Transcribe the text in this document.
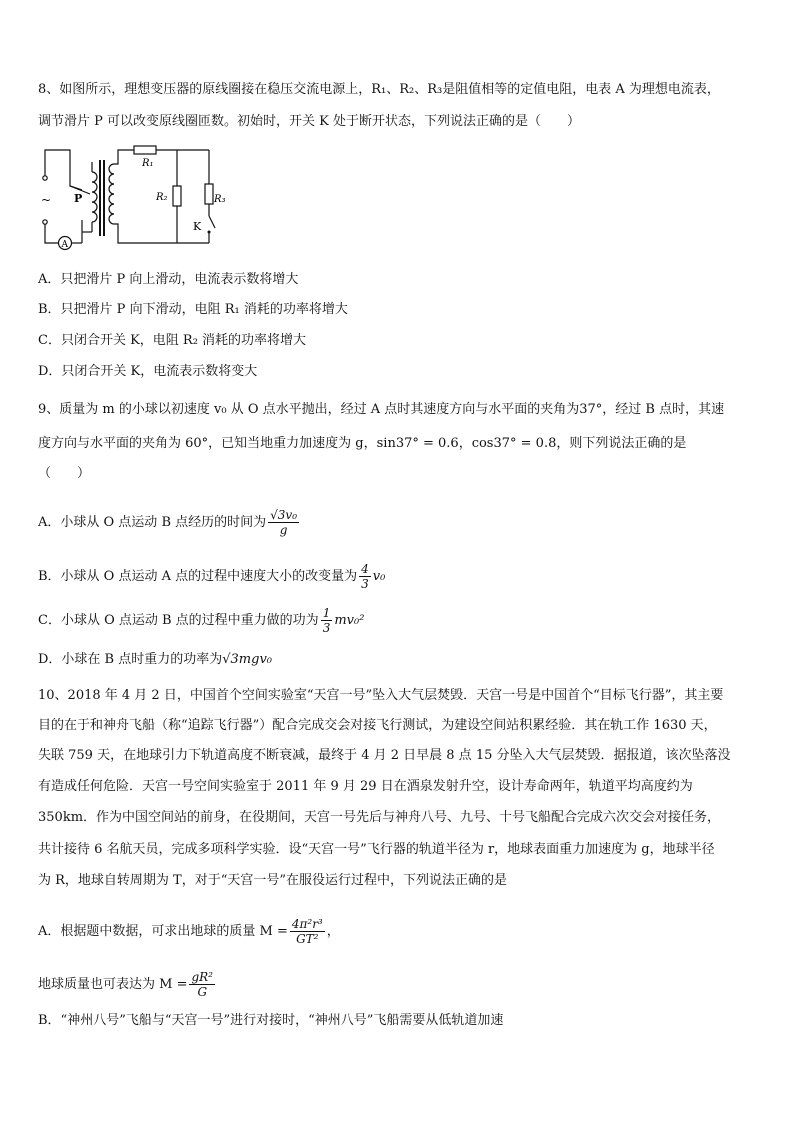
8、如图所示，理想变压器的原线圈接在稳压交流电源上，R₁、R₂、R₃是阻值相等的定值电阻，电表 A 为理想电流表，
调节滑片 P 可以改变原线圈匝数。初始时，开关 K 处于断开状态，下列说法正确的是（　　）
~ P
A
R₁
R₂	R₃
K
A．只把滑片 P 向上滑动，电流表示数将增大
B．只把滑片 P 向下滑动，电阻 R₁ 消耗的功率将增大
C．只闭合开关 K，电阻 R₂ 消耗的功率将增大
D．只闭合开关 K，电流表示数将变大
9、质量为 m 的小球以初速度 v₀ 从 O 点水平抛出，经过 A 点时其速度方向与水平面的夹角为37°，经过 B 点时，其速
度方向与水平面的夹角为 60°，已知当地重力加速度为 g，sin37° = 0.6，cos37° = 0.8，则下列说法正确的是
（　　）
A．小球从 O 点运动 B 点经历的时间为 $\frac{\text{√3v₀}}{g}$
B．小球从 O 点运动 A 点的过程中速度大小的改变量为 $\frac{4}{3} v_0$
C．小球从 O 点运动 B 点的过程中重力做的功为 $\frac{1}{3} mv_0^2$
D．小球在 B 点时重力的功率为√3mgv₀
10、2018 年 4 月 2 日，中国首个空间实验室“天宫一号”坠入大气层焚毁．天宫一号是中国首个“目标飞行器”，其主要
目的在于和神舟飞船（称“追踪飞行器”）配合完成交会对接飞行测试，为建设空间站积累经验．其在轨工作 1630 天，
失联 759 天，在地球引力下轨道高度不断衰减，最终于 4 月 2 日早晨 8 点 15 分坠入大气层焚毁．据报道，该次坠落没
有造成任何危险．天宫一号空间实验室于 2011 年 9 月 29 日在酒泉发射升空，设计寿命两年，轨道平均高度约为
350km．作为中国空间站的前身，在役期间，天宫一号先后与神舟八号、九号、十号飞船配合完成六次交会对接任务，
共计接待 6 名航天员，完成多项科学实验．设“天宫一号”飞行器的轨道半径为 r，地球表面重力加速度为 g，地球半径
为 R，地球自转周期为 T，对于“天宫一号”在服役运行过程中，下列说法正确的是
A．根据题中数据，可求出地球的质量 $M = \frac{\text{4π²r³}}{\text{GT²}}$ ，
地球质量也可表达为 $M = \frac{\text{gR²}}{G}$
B．“神州八号”飞船与“天宫一号”进行对接时，“神州八号”飞船需要从低轨道加速
